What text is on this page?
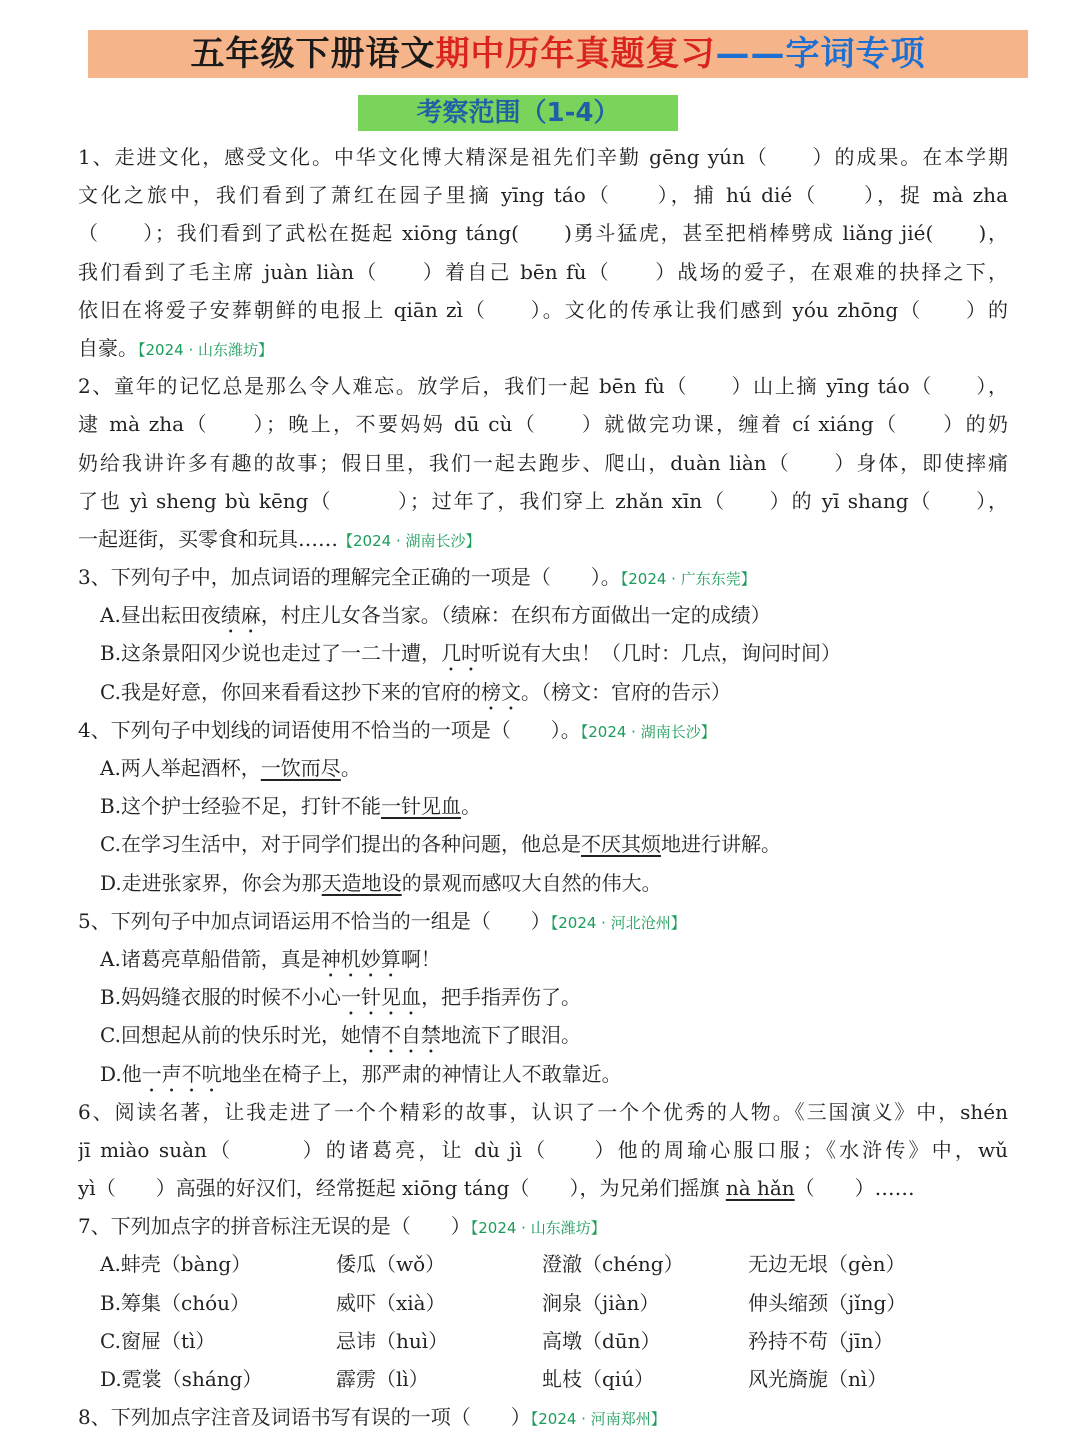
五年级下册语文期中历年真题复习——字词专项
考察范围（1-4）
1、走进文化，感受文化。中华文化博大精深是祖先们辛勤 gēng yún（　　）的成果。在本学期
文化之旅中，我们看到了萧红在园子里摘 yīng táo（　　），捕 hú dié（　　），捉 mà zha
（　　）；我们看到了武松在挺起 xiōng táng(　　)勇斗猛虎，甚至把梢棒劈成 liǎng jié(　　)，
我们看到了毛主席 juàn liàn（　　）着自己 bēn fù（　　）战场的爱子，在艰难的抉择之下，
依旧在将爱子安葬朝鲜的电报上 qiān zì（　　）。文化的传承让我们感到 yóu zhōng（　　）的
自豪。【2024 · 山东潍坊】
2、童年的记忆总是那么令人难忘。放学后，我们一起 bēn fù（　　）山上摘 yīng táo（　　），
逮 mà zha（　　）；晚上，不要妈妈 dū cù（　　）就做完功课，缠着 cí xiáng（　　）的奶
奶给我讲许多有趣的故事；假日里，我们一起去跑步、爬山，duàn liàn（　　）身体，即使摔痛
了也 yì sheng bù kēng（　　　）；过年了，我们穿上 zhǎn xīn（　　）的 yī shang（　　），
一起逛街，买零食和玩具……【2024 · 湖南长沙】
3、下列句子中，加点词语的理解完全正确的一项是（　　）。【2024 · 广东东莞】
A.昼出耘田夜绩麻，村庄儿女各当家。（绩麻：在织布方面做出一定的成绩）
B.这条景阳冈少说也走过了一二十遭，几时听说有大虫！（几时：几点，询问时间）
C.我是好意，你回来看看这抄下来的官府的榜文。（榜文：官府的告示）
4、下列句子中划线的词语使用不恰当的一项是（　　）。【2024 · 湖南长沙】
A.两人举起酒杯，一饮而尽。
B.这个护士经验不足，打针不能一针见血。
C.在学习生活中，对于同学们提出的各种问题，他总是不厌其烦地进行讲解。
D.走进张家界，你会为那天造地设的景观而感叹大自然的伟大。
5、下列句子中加点词语运用不恰当的一组是（　　）【2024 · 河北沧州】
A.诸葛亮草船借箭，真是神机妙算啊！
B.妈妈缝衣服的时候不小心一针见血，把手指弄伤了。
C.回想起从前的快乐时光，她情不自禁地流下了眼泪。
D.他一声不吭地坐在椅子上，那严肃的神情让人不敢靠近。
6、阅读名著，让我走进了一个个精彩的故事，认识了一个个优秀的人物。《三国演义》中，shén
jī miào suàn（　　　）的诸葛亮，让 dù jì（　　）他的周瑜心服口服；《水浒传》中，wǔ
yì（　　）高强的好汉们，经常挺起 xiōng táng（　　），为兄弟们摇旗 nà hǎn（　　）……
7、下列加点字的拼音标注无误的是（　　）【2024 · 山东潍坊】
A.蚌壳（bàng）	倭瓜（wǒ）	澄澈（chéng）	无边无垠（gèn）
B.筹集（chóu）	威吓（xià）	涧泉（jiàn）	伸头缩颈（jǐng）
C.窗屉（tì）	忌讳（huì）	高墩（dūn）	矜持不苟（jīn）
D.霓裳（sháng）	霹雳（lì）	虬枝（qiú）	风光旖旎（nì）
8、下列加点字注音及词语书写有误的一项（　　）【2024 · 河南郑州】
